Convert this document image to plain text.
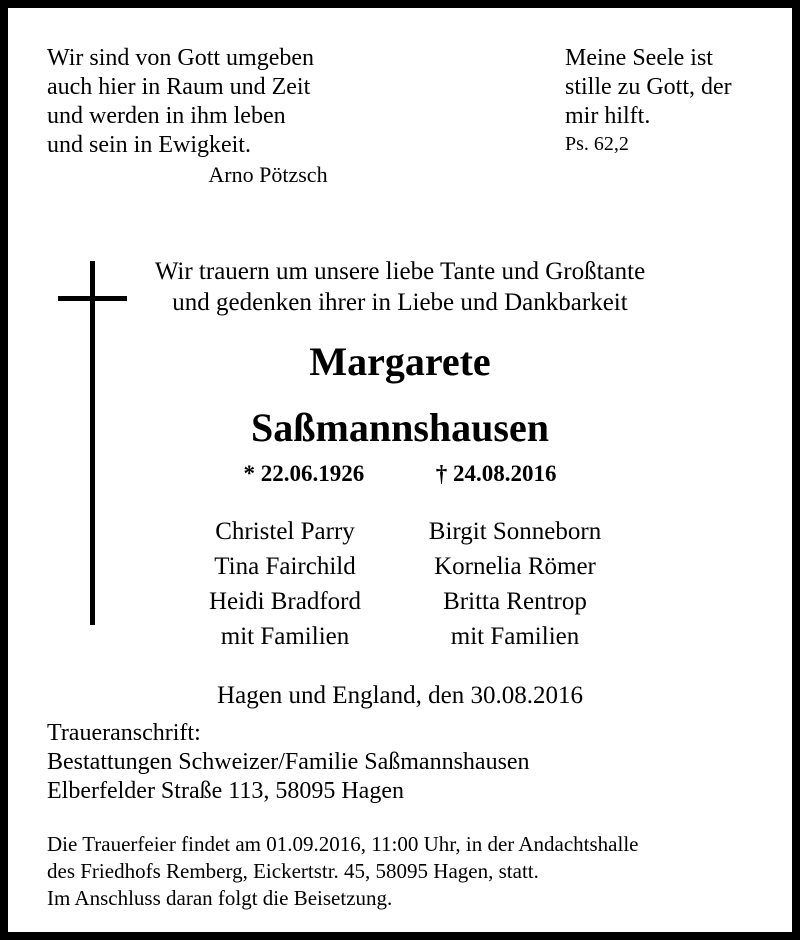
Wir sind von Gott umgeben
auch hier in Raum und Zeit
und werden in ihm leben
und sein in Ewigkeit.
Arno Pötzsch
Meine Seele ist
stille zu Gott, der
mir hilft.
Ps. 62,2
Wir trauern um unsere liebe Tante und Großtante
und gedenken ihrer in Liebe und Dankbarkeit
Margarete
Saßmannshausen
* 22.06.1926	† 24.08.2016
Christel Parry
Tina Fairchild
Heidi Bradford
mit Familien
Birgit Sonneborn
Kornelia Römer
Britta Rentrop
mit Familien
Hagen und England, den 30.08.2016
Traueranschrift:
Bestattungen Schweizer/Familie Saßmannshausen
Elberfelder Straße 113, 58095 Hagen
Die Trauerfeier findet am 01.09.2016, 11:00 Uhr, in der Andachtshalle
des Friedhofs Remberg, Eickertstr. 45, 58095 Hagen, statt.
Im Anschluss daran folgt die Beisetzung.
